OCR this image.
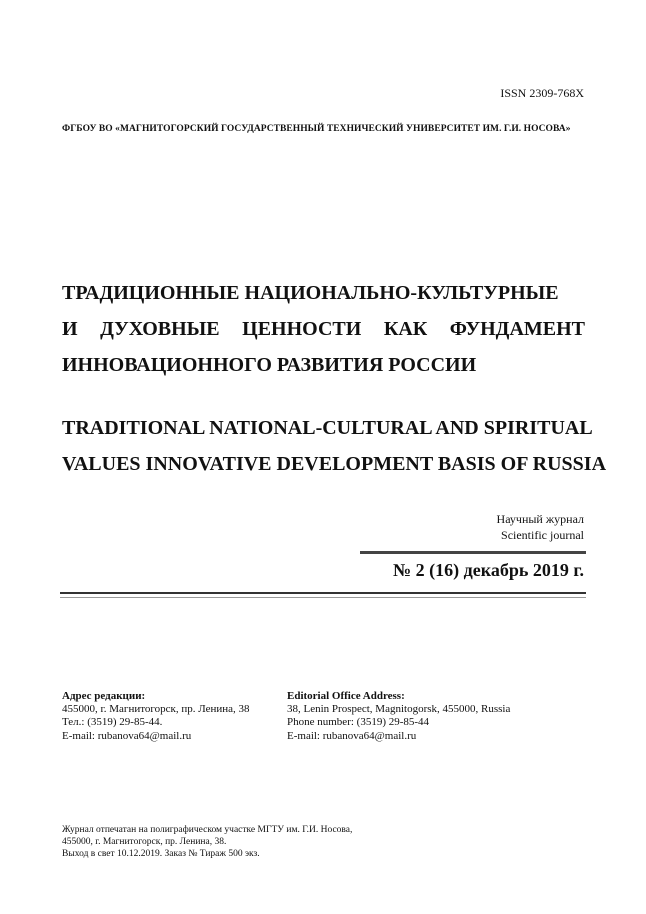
ISSN 2309-768X
ФГБОУ ВО «МАГНИТОГОРСКИЙ ГОСУДАРСТВЕННЫЙ ТЕХНИЧЕСКИЙ УНИВЕРСИТЕТ ИМ. Г.И. НОСОВА»
ТРАДИЦИОННЫЕ НАЦИОНАЛЬНО-КУЛЬТУРНЫЕ
И ДУХОВНЫЕ ЦЕННОСТИ КАК ФУНДАМЕНТ
ИННОВАЦИОННОГО РАЗВИТИЯ РОССИИ
TRADITIONAL NATIONAL-CULTURAL AND SPIRITUAL
VALUES INNOVATIVE DEVELOPMENT BASIS OF RUSSIA
Научный журнал
Scientific journal
№ 2 (16) декабрь 2019 г.
Адрес редакции:
455000, г. Магнитогорск, пр. Ленина, 38
Тел.: (3519) 29-85-44.
E-mail: rubanova64@mail.ru
Editorial Office Address:
38, Lenin Prospect, Magnitogorsk, 455000, Russia
Phone number: (3519) 29-85-44
E-mail: rubanova64@mail.ru
Журнал отпечатан на полиграфическом участке МГТУ им. Г.И. Носова,
455000, г. Магнитогорск, пр. Ленина, 38.
Выход в свет 10.12.2019. Заказ № Тираж 500 экз.
